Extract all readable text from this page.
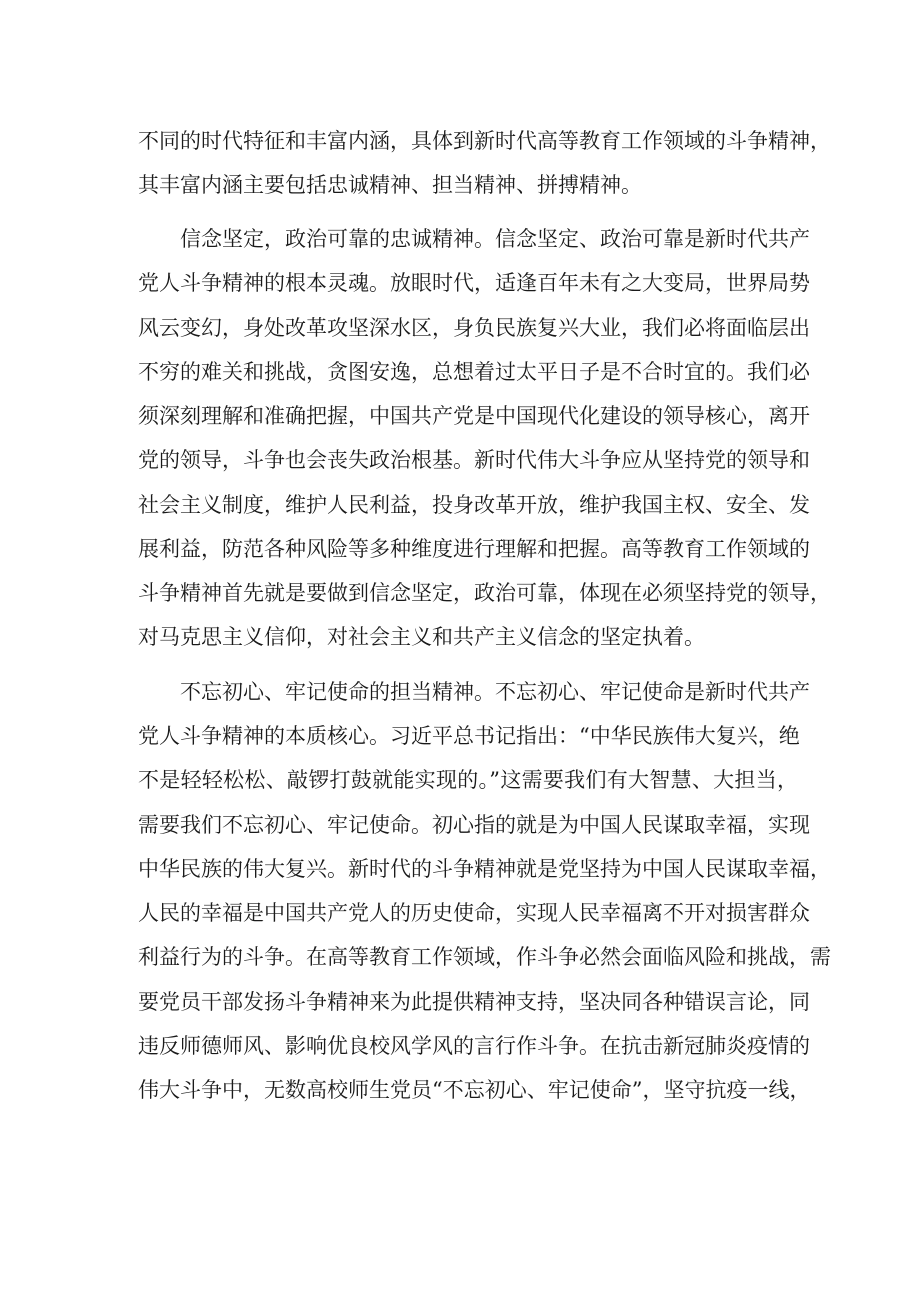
不同的时代特征和丰富内涵，具体到新时代高等教育工作领域的斗争精神，
其丰富内涵主要包括忠诚精神、担当精神、拼搏精神。
信念坚定，政治可靠的忠诚精神。信念坚定、政治可靠是新时代共产
党人斗争精神的根本灵魂。放眼时代，适逢百年未有之大变局，世界局势
风云变幻，身处改革攻坚深水区，身负民族复兴大业，我们必将面临层出
不穷的难关和挑战，贪图安逸，总想着过太平日子是不合时宜的。我们必
须深刻理解和准确把握，中国共产党是中国现代化建设的领导核心，离开
党的领导，斗争也会丧失政治根基。新时代伟大斗争应从坚持党的领导和
社会主义制度，维护人民利益，投身改革开放，维护我国主权、安全、发
展利益，防范各种风险等多种维度进行理解和把握。高等教育工作领域的
斗争精神首先就是要做到信念坚定，政治可靠，体现在必须坚持党的领导，
对马克思主义信仰，对社会主义和共产主义信念的坚定执着。
不忘初心、牢记使命的担当精神。不忘初心、牢记使命是新时代共产
党人斗争精神的本质核心。习近平总书记指出：“中华民族伟大复兴，绝
不是轻轻松松、敲锣打鼓就能实现的。”这需要我们有大智慧、大担当，
需要我们不忘初心、牢记使命。初心指的就是为中国人民谋取幸福，实现
中华民族的伟大复兴。新时代的斗争精神就是党坚持为中国人民谋取幸福，
人民的幸福是中国共产党人的历史使命，实现人民幸福离不开对损害群众
利益行为的斗争。在高等教育工作领域，作斗争必然会面临风险和挑战，需
要党员干部发扬斗争精神来为此提供精神支持，坚决同各种错误言论，同
违反师德师风、影响优良校风学风的言行作斗争。在抗击新冠肺炎疫情的
伟大斗争中，无数高校师生党员“不忘初心、牢记使命”，坚守抗疫一线，
